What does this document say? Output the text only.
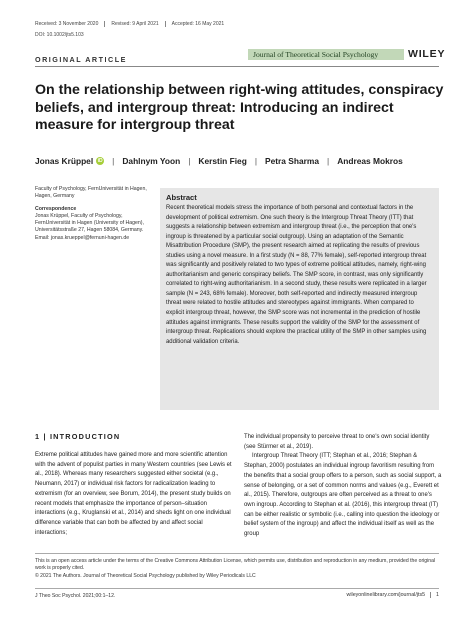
Received: 3 November 2020	Revised: 9 April 2021	Accepted: 16 May 2021
DOI: 10.1002/jts5.103
Journal of Theoretical Social Psychology	WILEY
ORIGINAL ARTICLE
On the relationship between right-wing attitudes, conspiracy beliefs, and intergroup threat: Introducing an indirect measure for intergroup threat
Jonas Krüppel iD | Dahlnym Yoon | Kerstin Fieg | Petra Sharma | Andreas Mokros

Faculty of Psychology, FernUniversität in Hagen, Hagen, Germany

Correspondence
Jonas Krüppel, Faculty of Psychology, FernUniversität in Hagen (University of Hagen), Universitätsstraße 27, Hagen 58084, Germany.
Email: jonas.krueppel@fernuni-hagen.de
Abstract

Recent theoretical models stress the importance of both personal and contextual factors in the development of political extremism. One such theory is the Intergroup Threat Theory (ITT) that suggests a relationship between extremism and intergroup threat (i.e., the perception that one's ingroup is threatened by a particular social outgroup). Using an adaptation of the Semantic Misattribution Procedure (SMP), the present research aimed at replicating the results of previous studies using a novel measure. In a first study (N = 88, 77% female), self-reported intergroup threat was significantly and positively related to two types of extreme political attitudes, namely, right-wing authoritarianism and generic conspiracy beliefs. The SMP score, in contrast, was only significantly correlated to right-wing authoritarianism. In a second study, these results were replicated in a larger sample (N = 243, 68% female). Moreover, both self-reported and indirectly measured intergroup threat were related to hostile attitudes and stereotypes against immigrants. When compared to explicit intergroup threat, however, the SMP score was not incremental in the prediction of hostile attitudes against immigrants. These results support the validity of the SMP for the assessment of intergroup threat. Replications should explore the practical utility of the SMP in other samples using additional validation criteria.

1 | INTRODUCTION

Extreme political attitudes have gained more and more scientific attention with the advent of populist parties in many Western countries (see Lewis et al., 2018). Whereas many researchers suggested either societal (e.g., Neumann, 2017) or individual risk factors for radicalization leading to extremism (for an overview, see Borum, 2014), the present study builds on recent models that emphasize the importance of person–situation interactions (e.g., Kruglanski et al., 2014) and sheds light on one individual difference variable that can both be affected by and affect social interactions;

The individual propensity to perceive threat to one's own social identity (see Stürmer et al., 2019).

Intergroup Threat Theory (ITT; Stephan et al., 2016; Stephan & Stephan, 2000) postulates an individual ingroup favoritism resulting from the benefits that a social group offers to a person, such as social support, a sense of belonging, or a set of common norms and values (e.g., Everett et al., 2015). Therefore, outgroups are often perceived as a threat to one's own ingroup. According to Stephan et al. (2016), this intergroup threat (IT) can be either realistic or symbolic (i.e., calling into question the ideology or belief system of the ingroup) and affect the individual itself as well as the group

This is an open access article under the terms of the Creative Commons Attribution License, which permits use, distribution and reproduction in any medium, provided the original work is properly cited.
© 2021 The Authors. Journal of Theoretical Social Psychology published by Wiley Periodicals LLC
J Theo Soc Psychol. 2021;00:1–12.	wileyonlinelibrary.com/journal/jts5	1
